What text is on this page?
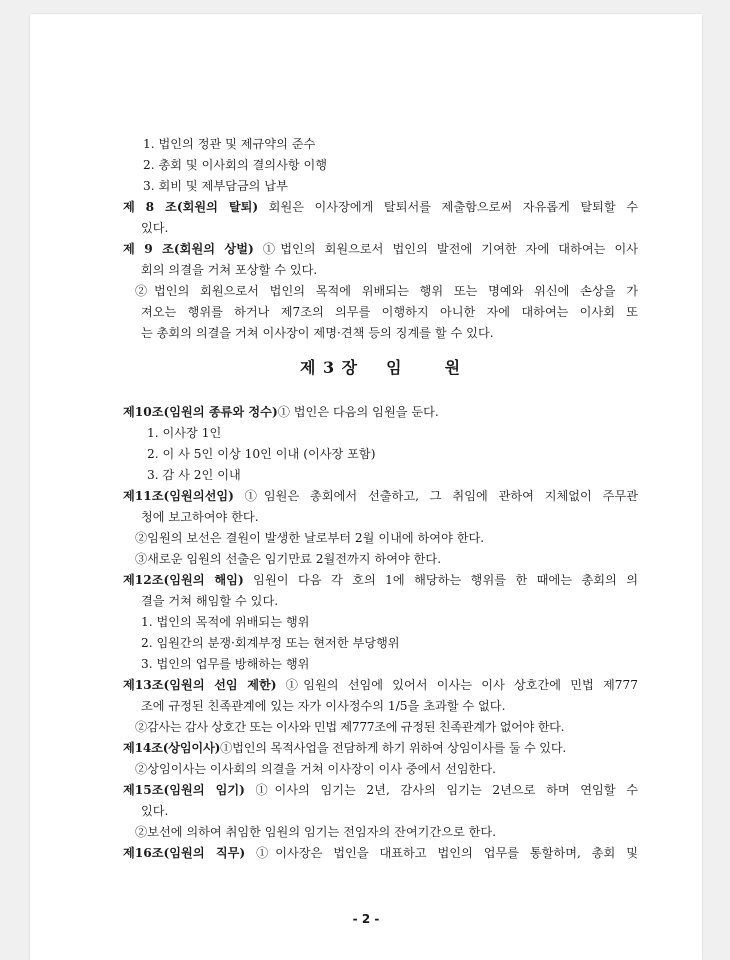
1. 법인의 정관 및 제규약의 준수
2. 총회 및 이사회의 결의사항 이행
3. 회비 및 제부담금의 납부
제 8 조(회원의 탈퇴) 회원은 이사장에게 탈퇴서를 제출함으로써 자유롭게 탈퇴할 수
있다.
제 9 조(회원의 상벌) ①법인의 회원으로서 법인의 발전에 기여한 자에 대하여는 이사
회의 의결을 거쳐 포상할 수 있다.
②법인의 회원으로서 법인의 목적에 위배되는 행위 또는 명예와 위신에 손상을 가
져오는 행위를 하거나 제7조의 의무를 이행하지 아니한 자에 대하여는 이사회 또
는 총회의 의결을 거쳐 이사장이 제명·견책 등의 징계를 할 수 있다.
제 3 장 임	원
제10조(임원의 종류와 정수) ① 법인은 다음의 임원을 둔다.
1. 이사장 1인
2. 이 사 5인 이상 10인 이내 (이사장 포함)
3. 감 사 2인 이내
제11조(임원의선임) ①임원은 총회에서 선출하고, 그 취임에 관하여 지체없이 주무관
청에 보고하여야 한다.
②임원의 보선은 결원이 발생한 날로부터 2월 이내에 하여야 한다.
③새로운 임원의 선출은 임기만료 2월전까지 하여야 한다.
제12조(임원의 해임) 임원이 다음 각 호의 1에 해당하는 행위를 한 때에는 총회의 의
결을 거쳐 해임할 수 있다.
1. 법인의 목적에 위배되는 행위
2. 임원간의 분쟁·회계부정 또는 현저한 부당행위
3. 법인의 업무를 방해하는 행위
제13조(임원의 선임 제한) ①임원의 선임에 있어서 이사는 이사 상호간에 민법 제777
조에 규정된 친족관계에 있는 자가 이사정수의 1/5을 초과할 수 없다.
②감사는 감사 상호간 또는 이사와 민법 제777조에 규정된 친족관계가 없어야 한다.
제14조(상임이사) ①법인의 목적사업을 전담하게 하기 위하여 상임이사를 둘 수 있다.
②상임이사는 이사회의 의결을 거쳐 이사장이 이사 중에서 선임한다.
제15조(임원의 임기) ①이사의 임기는 2년, 감사의 임기는 2년으로 하며 연임할 수
있다.
②보선에 의하여 취임한 임원의 임기는 전임자의 잔여기간으로 한다.
제16조(임원의 직무) ①이사장은 법인을 대표하고 법인의 업무를 통할하며, 총회 및
- 2 -
